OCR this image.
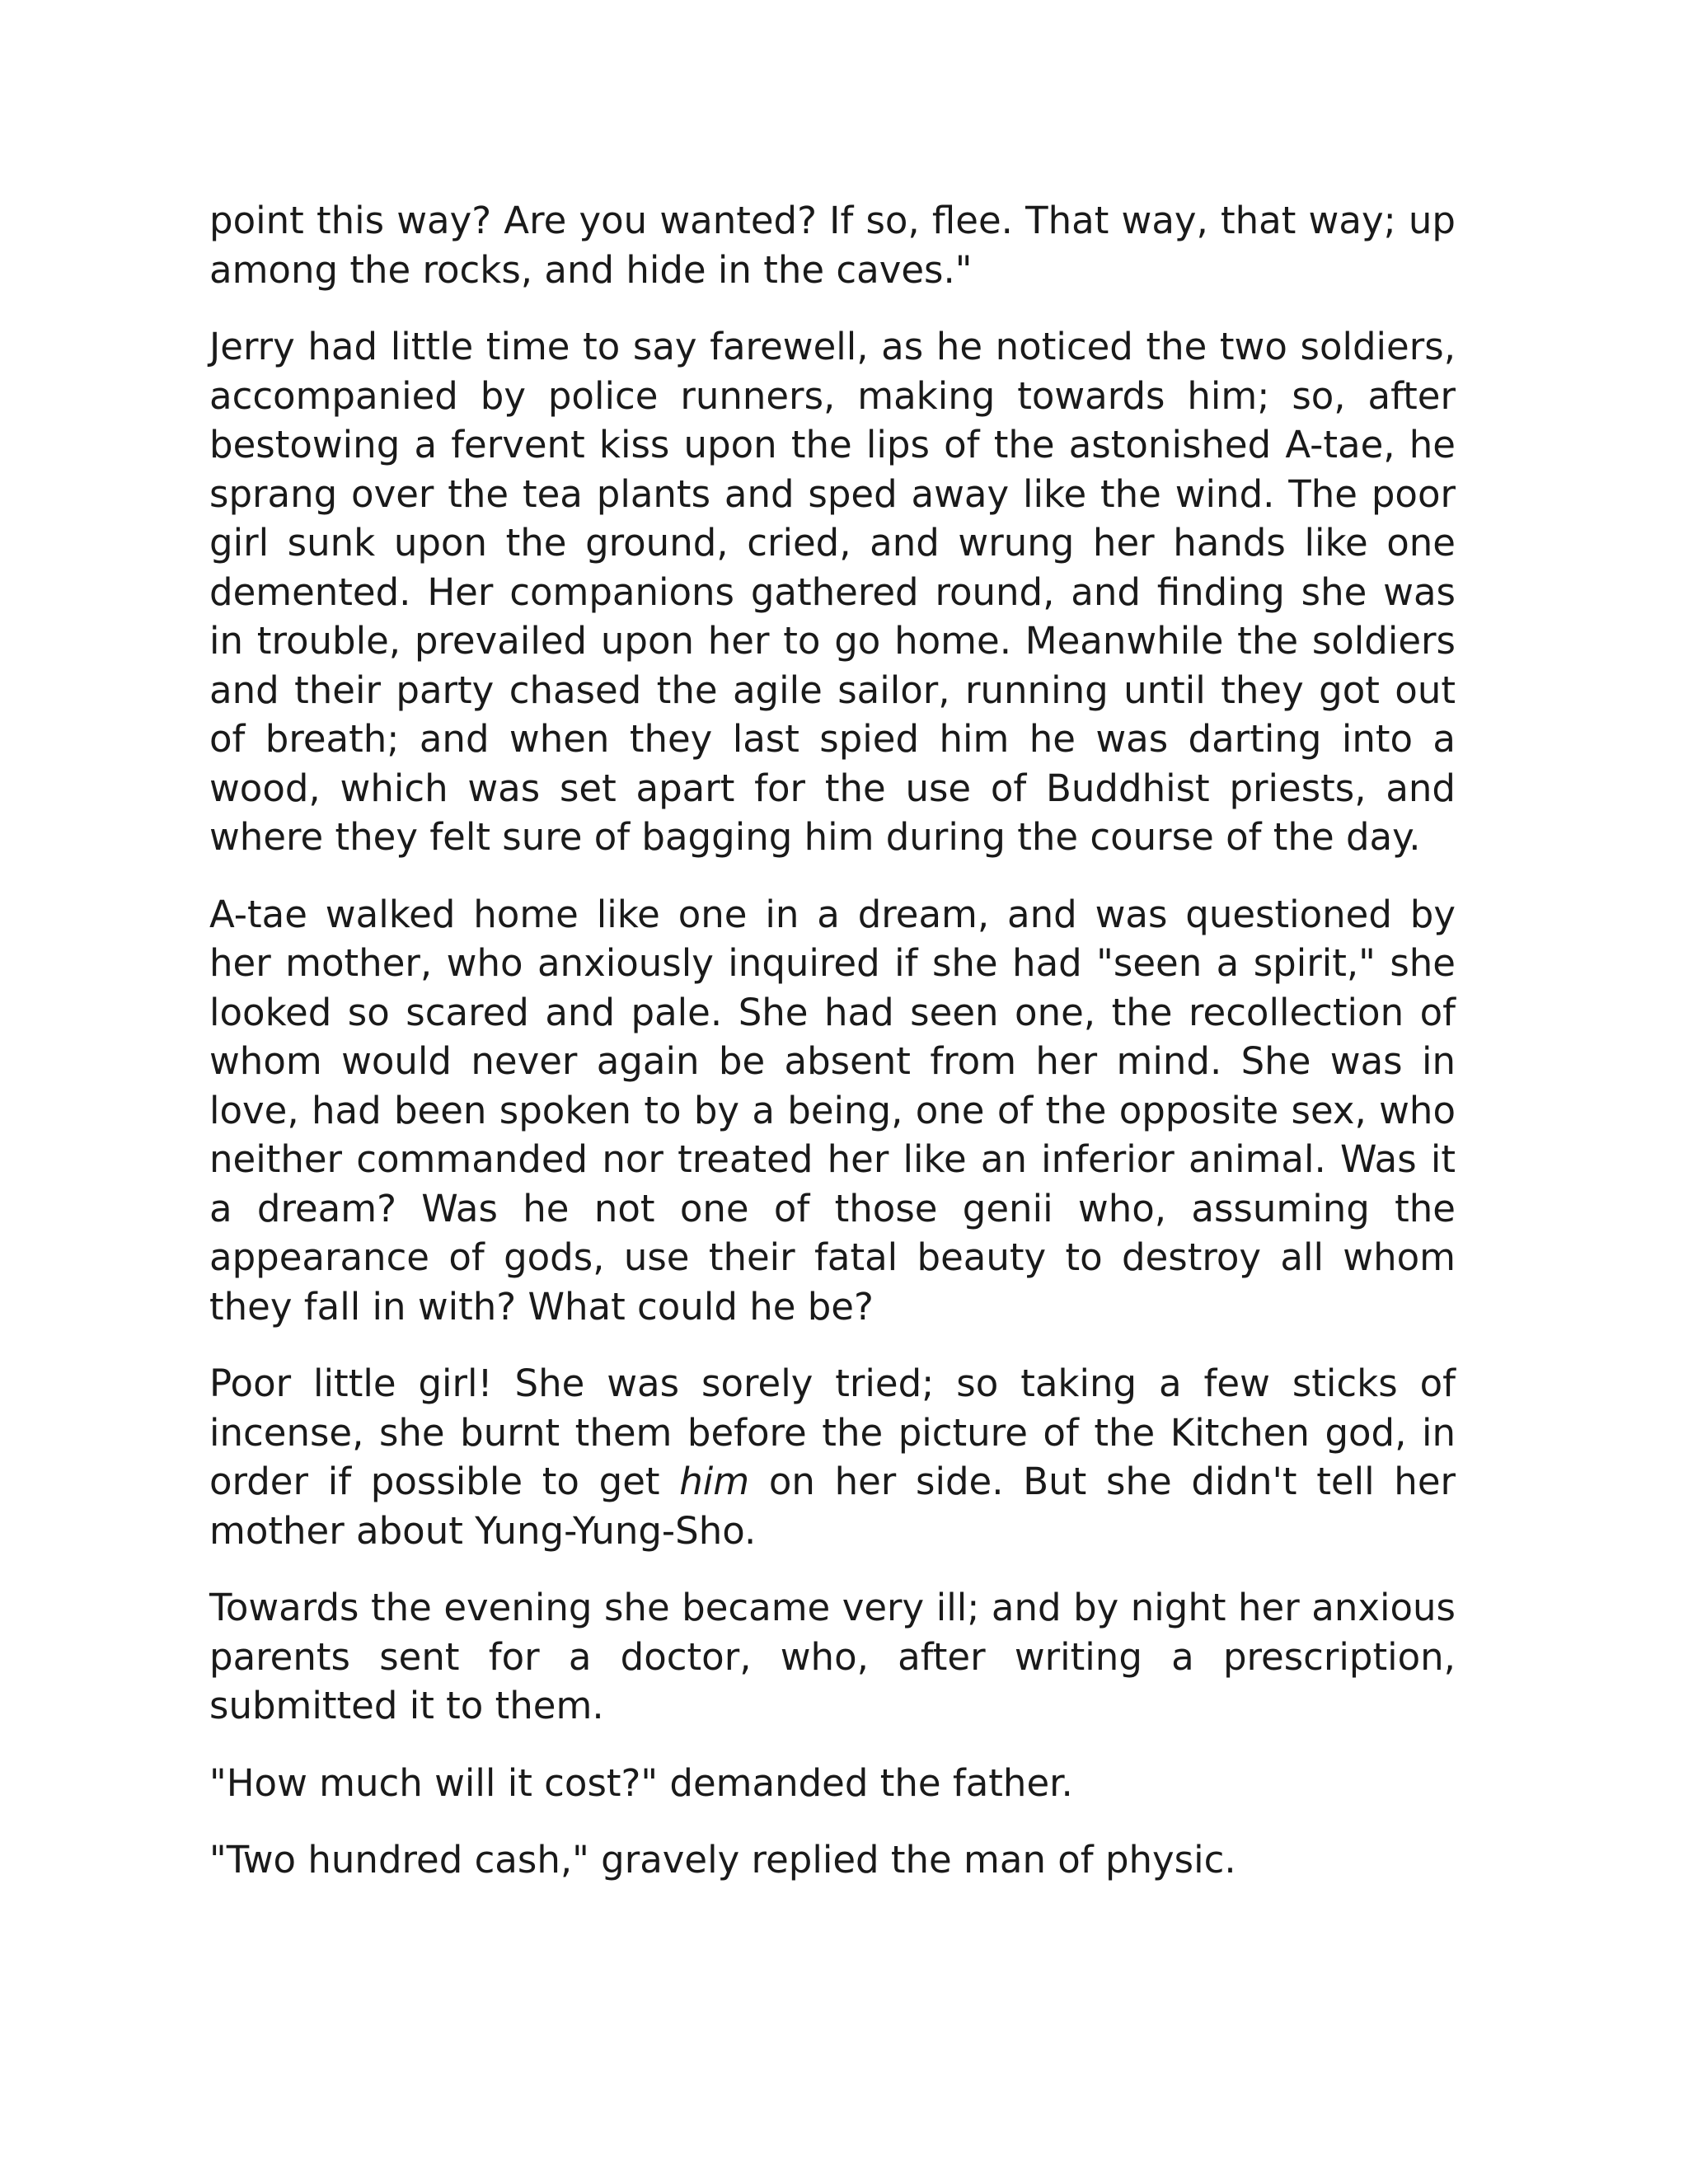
point this way? Are you wanted? If so, flee. That way, that way; up among the rocks, and hide in the caves."

Jerry had little time to say farewell, as he noticed the two soldiers, accompanied by police runners, making towards him; so, after bestowing a fervent kiss upon the lips of the astonished A-tae, he sprang over the tea plants and sped away like the wind. The poor girl sunk upon the ground, cried, and wrung her hands like one demented. Her companions gathered round, and finding she was in trouble, prevailed upon her to go home. Meanwhile the soldiers and their party chased the agile sailor, running until they got out of breath; and when they last spied him he was darting into a wood, which was set apart for the use of Buddhist priests, and where they felt sure of bagging him during the course of the day.

A-tae walked home like one in a dream, and was questioned by her mother, who anxiously inquired if she had "seen a spirit," she looked so scared and pale. She had seen one, the recollection of whom would never again be absent from her mind. She was in love, had been spoken to by a being, one of the opposite sex, who neither commanded nor treated her like an inferior animal. Was it a dream? Was he not one of those genii who, assuming the appearance of gods, use their fatal beauty to destroy all whom they fall in with? What could he be?

Poor little girl! She was sorely tried; so taking a few sticks of incense, she burnt them before the picture of the Kitchen god, in order if possible to get him on her side. But she didn't tell her mother about Yung-Yung-Sho.

Towards the evening she became very ill; and by night her anxious parents sent for a doctor, who, after writing a prescription, submitted it to them.

"How much will it cost?" demanded the father.

"Two hundred cash," gravely replied the man of physic.
